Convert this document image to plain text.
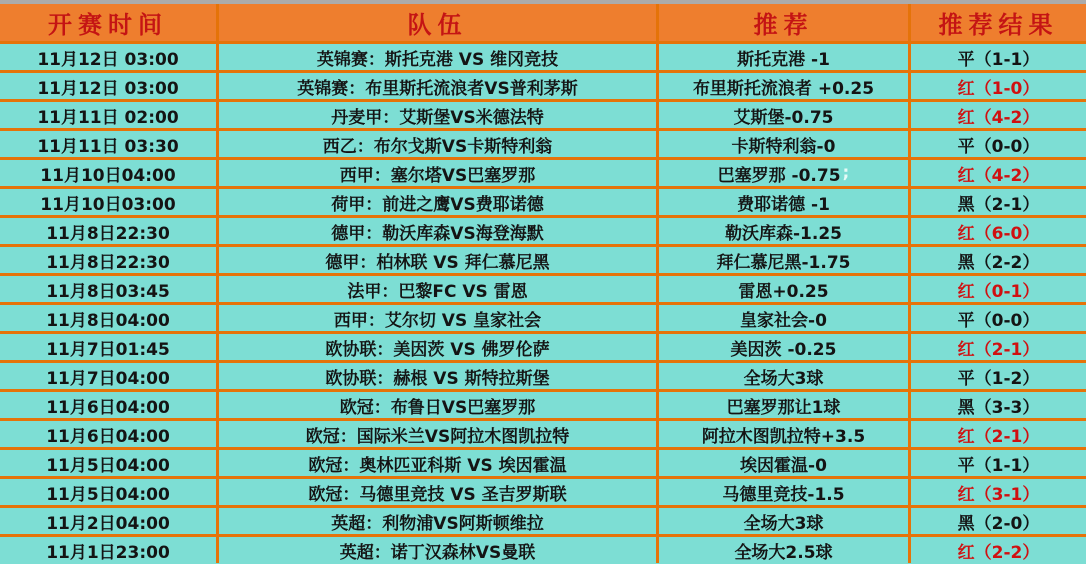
开赛时间	队伍	推荐	推荐结果
11月12日 03:00	英锦赛：斯托克港 VS 维冈竞技	斯托克港 -1	平（1-1）
11月12日 03:00	英锦赛：布里斯托流浪者VS普利茅斯	布里斯托流浪者 +0.25	红（1-0）
11月11日 02:00	丹麦甲：艾斯堡VS米德法特	艾斯堡-0.75	红（4-2）
11月11日 03:30	西乙：布尔戈斯VS卡斯特利翁	卡斯特利翁-0	平（0-0）
11月10日04:00	西甲：塞尔塔VS巴塞罗那	巴塞罗那 -0.75 ;	红（4-2）
11月10日03:00	荷甲：前进之鹰VS费耶诺德	费耶诺德 -1	黑（2-1）
11月8日22:30	德甲：勒沃库森VS海登海默	勒沃库森-1.25	红（6-0）
11月8日22:30	德甲：柏林联 VS 拜仁慕尼黑	拜仁慕尼黑-1.75	黑（2-2）
11月8日03:45	法甲：巴黎FC VS 雷恩	雷恩+0.25	红（0-1）
11月8日04:00	西甲：艾尔切 VS 皇家社会	皇家社会-0	平（0-0）
11月7日01:45	欧协联：美因茨 VS 佛罗伦萨	美因茨 -0.25	红（2-1）
11月7日04:00	欧协联：赫根 VS 斯特拉斯堡	全场大3球	平（1-2）
11月6日04:00	欧冠：布鲁日VS巴塞罗那	巴塞罗那让1球	黑（3-3）
11月6日04:00	欧冠：国际米兰VS阿拉木图凯拉特	阿拉木图凯拉特+3.5	红（2-1）
11月5日04:00	欧冠：奥林匹亚科斯 VS 埃因霍温	埃因霍温-0	平（1-1）
11月5日04:00	欧冠：马德里竞技 VS 圣吉罗斯联	马德里竞技-1.5	红（3-1）
11月2日04:00	英超：利物浦VS阿斯顿维拉	全场大3球	黑（2-0）
11月1日23:00	英超：诺丁汉森林VS曼联	全场大2.5球	红（2-2）
